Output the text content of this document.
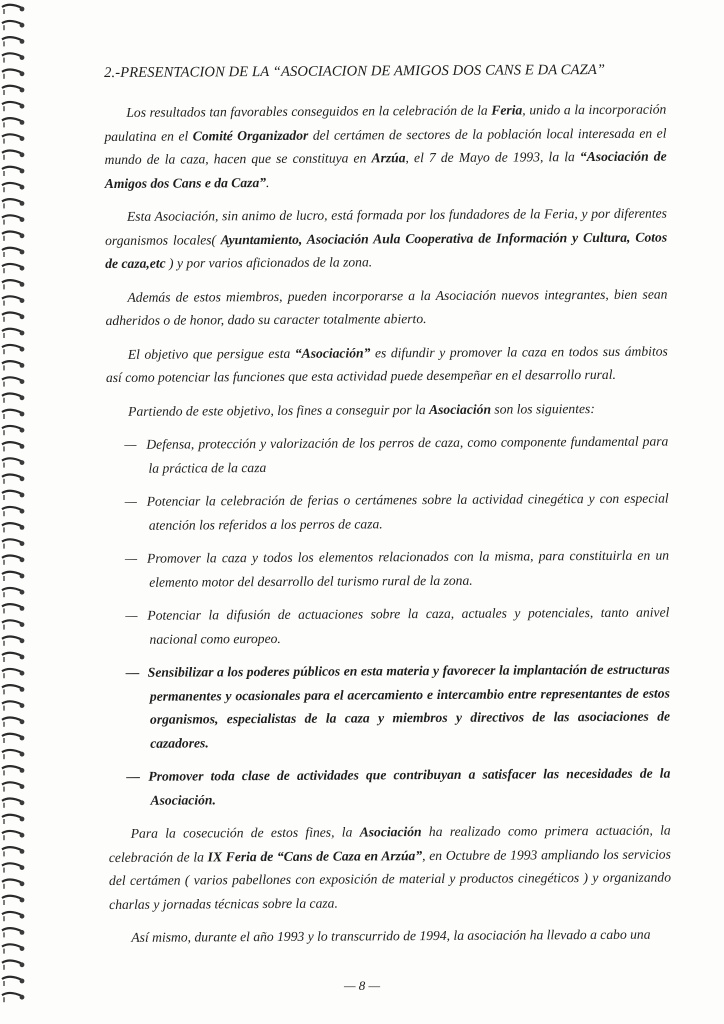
2.-PRESENTACION DE LA “ASOCIACION DE AMIGOS DOS CANS E DA CAZA”

Los resultados tan favorables conseguidos en la celebración de la Feria, unido a la incorporación paulatina en el Comité Organizador del certámen de sectores de la población local interesada en el mundo de la caza, hacen que se constituya en Arzúa, el 7 de Mayo de 1993, la la “Asociación de Amigos dos Cans e da Caza”.

Esta Asociación, sin animo de lucro, está formada por los fundadores de la Feria, y por diferentes organismos locales( Ayuntamiento, Asociación Aula Cooperativa de Información y Cultura, Cotos de caza,etc ) y por varios aficionados de la zona.

Además de estos miembros, pueden incorporarse a la Asociación nuevos integrantes, bien sean adheridos o de honor, dado su caracter totalmente abierto.

El objetivo que persigue esta “Asociación” es difundir y promover la caza en todos sus ámbitos así como potenciar las funciones que esta actividad puede desempeñar en el desarrollo rural.

Partiendo de este objetivo, los fines a conseguir por la Asociación son los siguientes:

— Defensa, protección y valorización de los perros de caza, como componente fundamental para la práctica de la caza
— Potenciar la celebración de ferias o certámenes sobre la actividad cinegética y con especial atención los referidos a los perros de caza.
— Promover la caza y todos los elementos relacionados con la misma, para constituirla en un elemento motor del desarrollo del turismo rural de la zona.
— Potenciar la difusión de actuaciones sobre la caza, actuales y potenciales, tanto anivel nacional como europeo.
— Sensibilizar a los poderes públicos en esta materia y favorecer la implantación de estructuras permanentes y ocasionales para el acercamiento e intercambio entre representantes de estos organismos, especialistas de la caza y miembros y directivos de las asociaciones de cazadores.
— Promover toda clase de actividades que contribuyan a satisfacer las necesidades de la Asociación.

Para la cosecución de estos fines, la Asociación ha realizado como primera actuación, la celebración de la IX Feria de “Cans de Caza en Arzúa”, en Octubre de 1993 ampliando los servicios del certámen ( varios pabellones con exposición de material y productos cinegéticos ) y organizando charlas y jornadas técnicas sobre la caza.

Así mismo, durante el año 1993 y lo transcurrido de 1994, la asociación ha llevado a cabo una

— 8 —
